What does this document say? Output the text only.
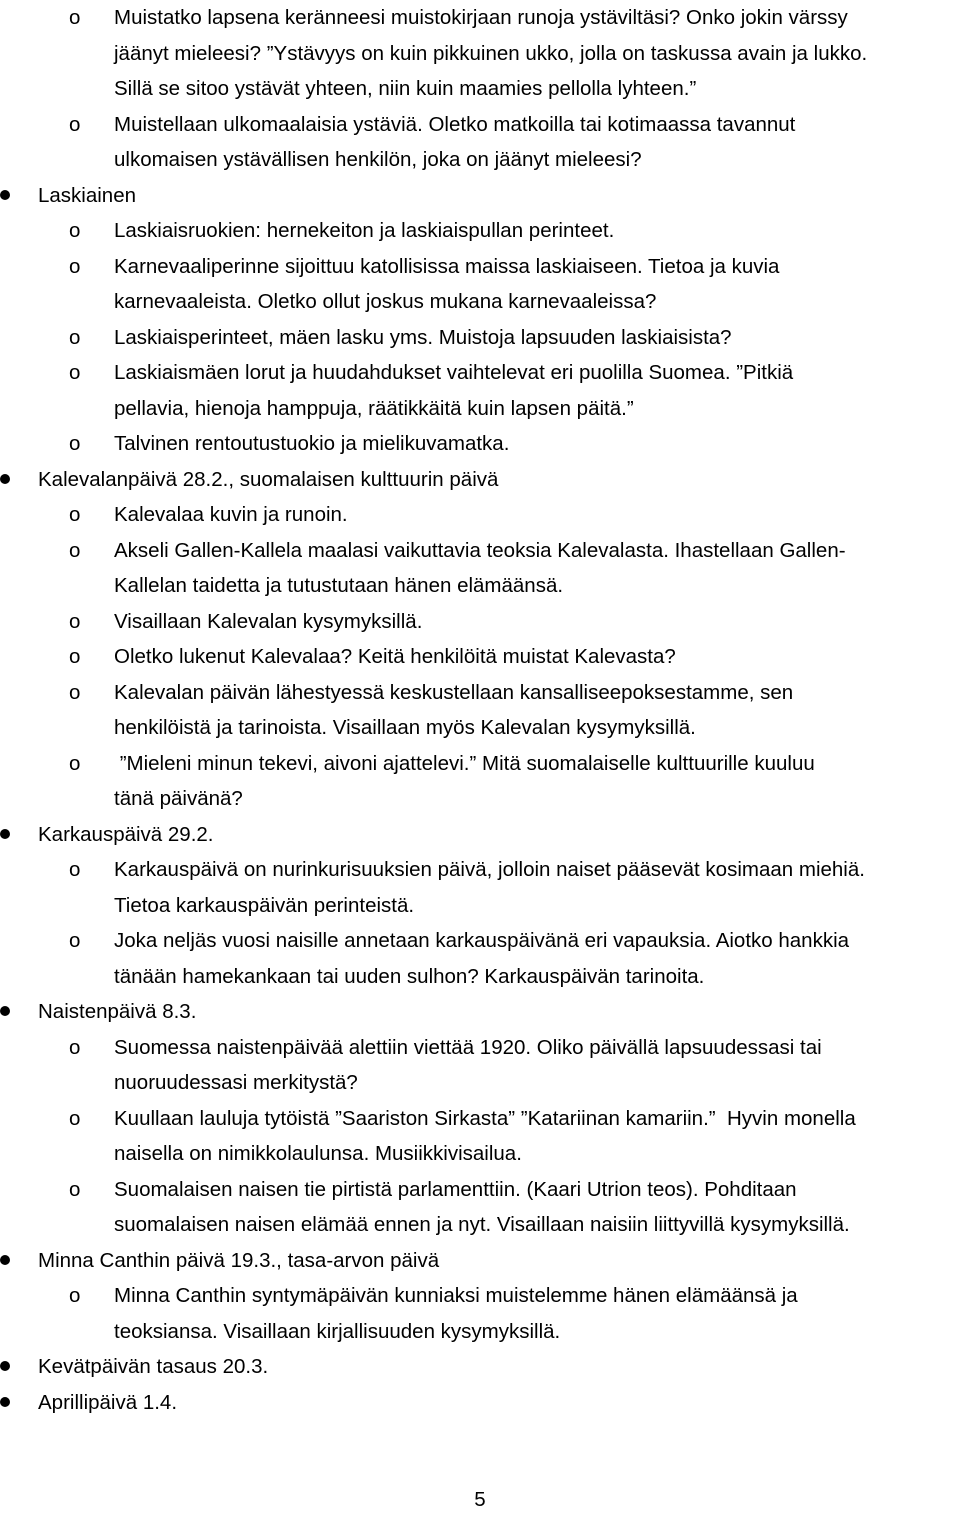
o Muistatko lapsena keränneesi muistokirjaan runoja ystäviltäsi? Onko jokin värssy
jäänyt mieleesi? ”Ystävyys on kuin pikkuinen ukko, jolla on taskussa avain ja lukko.
Sillä se sitoo ystävät yhteen, niin kuin maamies pellolla lyhteen.”
o Muistellaan ulkomaalaisia ystäviä. Oletko matkoilla tai kotimaassa tavannut
ulkomaisen ystävällisen henkilön, joka on jäänyt mieleesi?
Laskiainen
o Laskiaisruokien: hernekeiton ja laskiaispullan perinteet.
o Karnevaaliperinne sijoittuu katollisissa maissa laskiaiseen. Tietoa ja kuvia
karnevaaleista. Oletko ollut joskus mukana karnevaaleissa?
o Laskiaisperinteet, mäen lasku yms. Muistoja lapsuuden laskiaisista?
o Laskiaismäen lorut ja huudahdukset vaihtelevat eri puolilla Suomea. ”Pitkiä
pellavia, hienoja hamppuja, räätikkäitä kuin lapsen päitä.”
o Talvinen rentoutustuokio ja mielikuvamatka.
Kalevalanpäivä 28.2., suomalaisen kulttuurin päivä
o Kalevalaa kuvin ja runoin.
o Akseli Gallen-Kallela maalasi vaikuttavia teoksia Kalevalasta. Ihastellaan Gallen-
Kallelan taidetta ja tutustutaan hänen elämäänsä.
o Visaillaan Kalevalan kysymyksillä.
o Oletko lukenut Kalevalaa? Keitä henkilöitä muistat Kalevasta?
o Kalevalan päivän lähestyessä keskustellaan kansalliseepoksestamme, sen
henkilöistä ja tarinoista. Visaillaan myös Kalevalan kysymyksillä.
o ”Mieleni minun tekevi, aivoni ajattelevi.” Mitä suomalaiselle kulttuurille kuuluu
tänä päivänä?
Karkauspäivä 29.2.
o Karkauspäivä on nurinkurisuuksien päivä, jolloin naiset pääsevät kosimaan miehiä.
Tietoa karkauspäivän perinteistä.
o Joka neljäs vuosi naisille annetaan karkauspäivänä eri vapauksia. Aiotko hankkia
tänään hamekankaan tai uuden sulhon? Karkauspäivän tarinoita.
Naistenpäivä 8.3.
o Suomessa naistenpäivää alettiin viettää 1920. Oliko päivällä lapsuudessasi tai
nuoruudessasi merkitystä?
o Kuullaan lauluja tytöistä ”Saariston Sirkasta” ”Katariinan kamariin.”  Hyvin monella
naisella on nimikkolaulunsa. Musiikkivisailua.
o Suomalaisen naisen tie pirtistä parlamenttiin. (Kaari Utrion teos). Pohditaan
suomalaisen naisen elämää ennen ja nyt. Visaillaan naisiin liittyvillä kysymyksillä.
Minna Canthin päivä 19.3., tasa-arvon päivä
o Minna Canthin syntymäpäivän kunniaksi muistelemme hänen elämäänsä ja
teoksiansa. Visaillaan kirjallisuuden kysymyksillä.
Kevätpäivän tasaus 20.3.
Aprillipäivä 1.4.
5
